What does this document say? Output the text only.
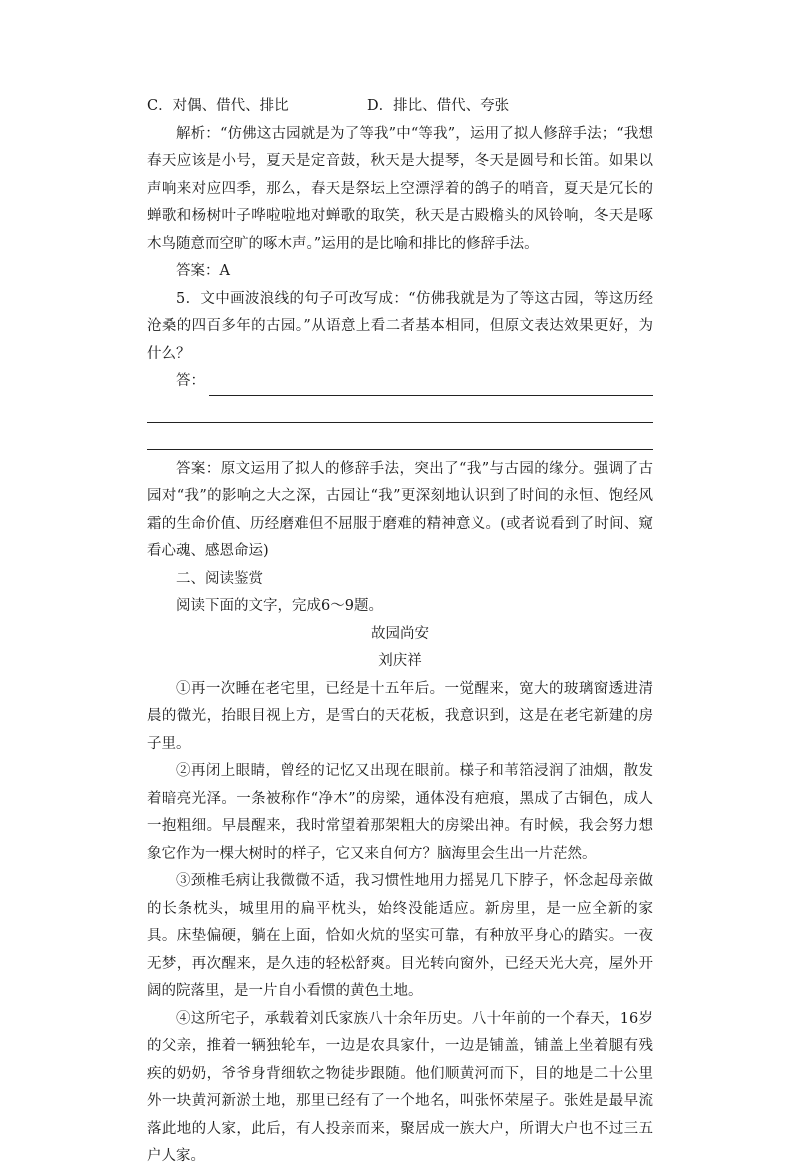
C．对偶、借代、排比	D．排比、借代、夸张

解析：“仿佛这古园就是为了等我”中“等我”，运用了拟人修辞手法；“我想春天应该是小号，夏天是定音鼓，秋天是大提琴，冬天是圆号和长笛。如果以声响来对应四季，那么，春天是祭坛上空漂浮着的鸽子的哨音，夏天是冗长的蝉歌和杨树叶子哗啦啦地对蝉歌的取笑，秋天是古殿檐头的风铃响，冬天是啄木鸟随意而空旷的啄木声。”运用的是比喻和排比的修辞手法。

答案：A

5．文中画波浪线的句子可改写成：“仿佛我就是为了等这古园，等这历经沧桑的四百多年的古园。”从语意上看二者基本相同，但原文表达效果更好，为什么？

答：

答案：原文运用了拟人的修辞手法，突出了“我”与古园的缘分。强调了古园对“我”的影响之大之深，古园让“我”更深刻地认识到了时间的永恒、饱经风霜的生命价值、历经磨难但不屈服于磨难的精神意义。(或者说看到了时间、窥看心魂、感恩命运)

二、阅读鉴赏

阅读下面的文字，完成6～9题。

故园尚安

刘庆祥

①再一次睡在老宅里，已经是十五年后。一觉醒来，宽大的玻璃窗透进清晨的微光，抬眼目视上方，是雪白的天花板，我意识到，这是在老宅新建的房子里。

②再闭上眼睛，曾经的记忆又出现在眼前。様子和苇箔浸润了油烟，散发着暗亮光泽。一条被称作“净木”的房梁，通体没有疤痕，黑成了古铜色，成人一抱粗细。早晨醒来，我时常望着那架粗大的房梁出神。有时候，我会努力想象它作为一棵大树时的样子，它又来自何方？脑海里会生出一片茫然。

③颈椎毛病让我微微不适，我习惯性地用力摇晃几下脖子，怀念起母亲做的长条枕头，城里用的扁平枕头，始终没能适应。新房里，是一应全新的家具。床垫偏硬，躺在上面，恰如火炕的坚实可靠，有种放平身心的踏实。一夜无梦，再次醒来，是久违的轻松舒爽。目光转向窗外，已经天光大亮，屋外开阔的院落里，是一片自小看惯的黄色土地。

④这所宅子，承载着刘氏家族八十余年历史。八十年前的一个春天，16岁的父亲，推着一辆独轮车，一边是农具家什，一边是铺盖，铺盖上坐着腿有残疾的奶奶，爷爷身背细软之物徒步跟随。他们顺黄河而下，目的地是二十公里外一块黄河新淤土地，那里已经有了一个地名，叫张怀荣屋子。张姓是最早流落此地的人家，此后，有人投亲而来，聚居成一族大户，所谓大户也不过三五户人家。
